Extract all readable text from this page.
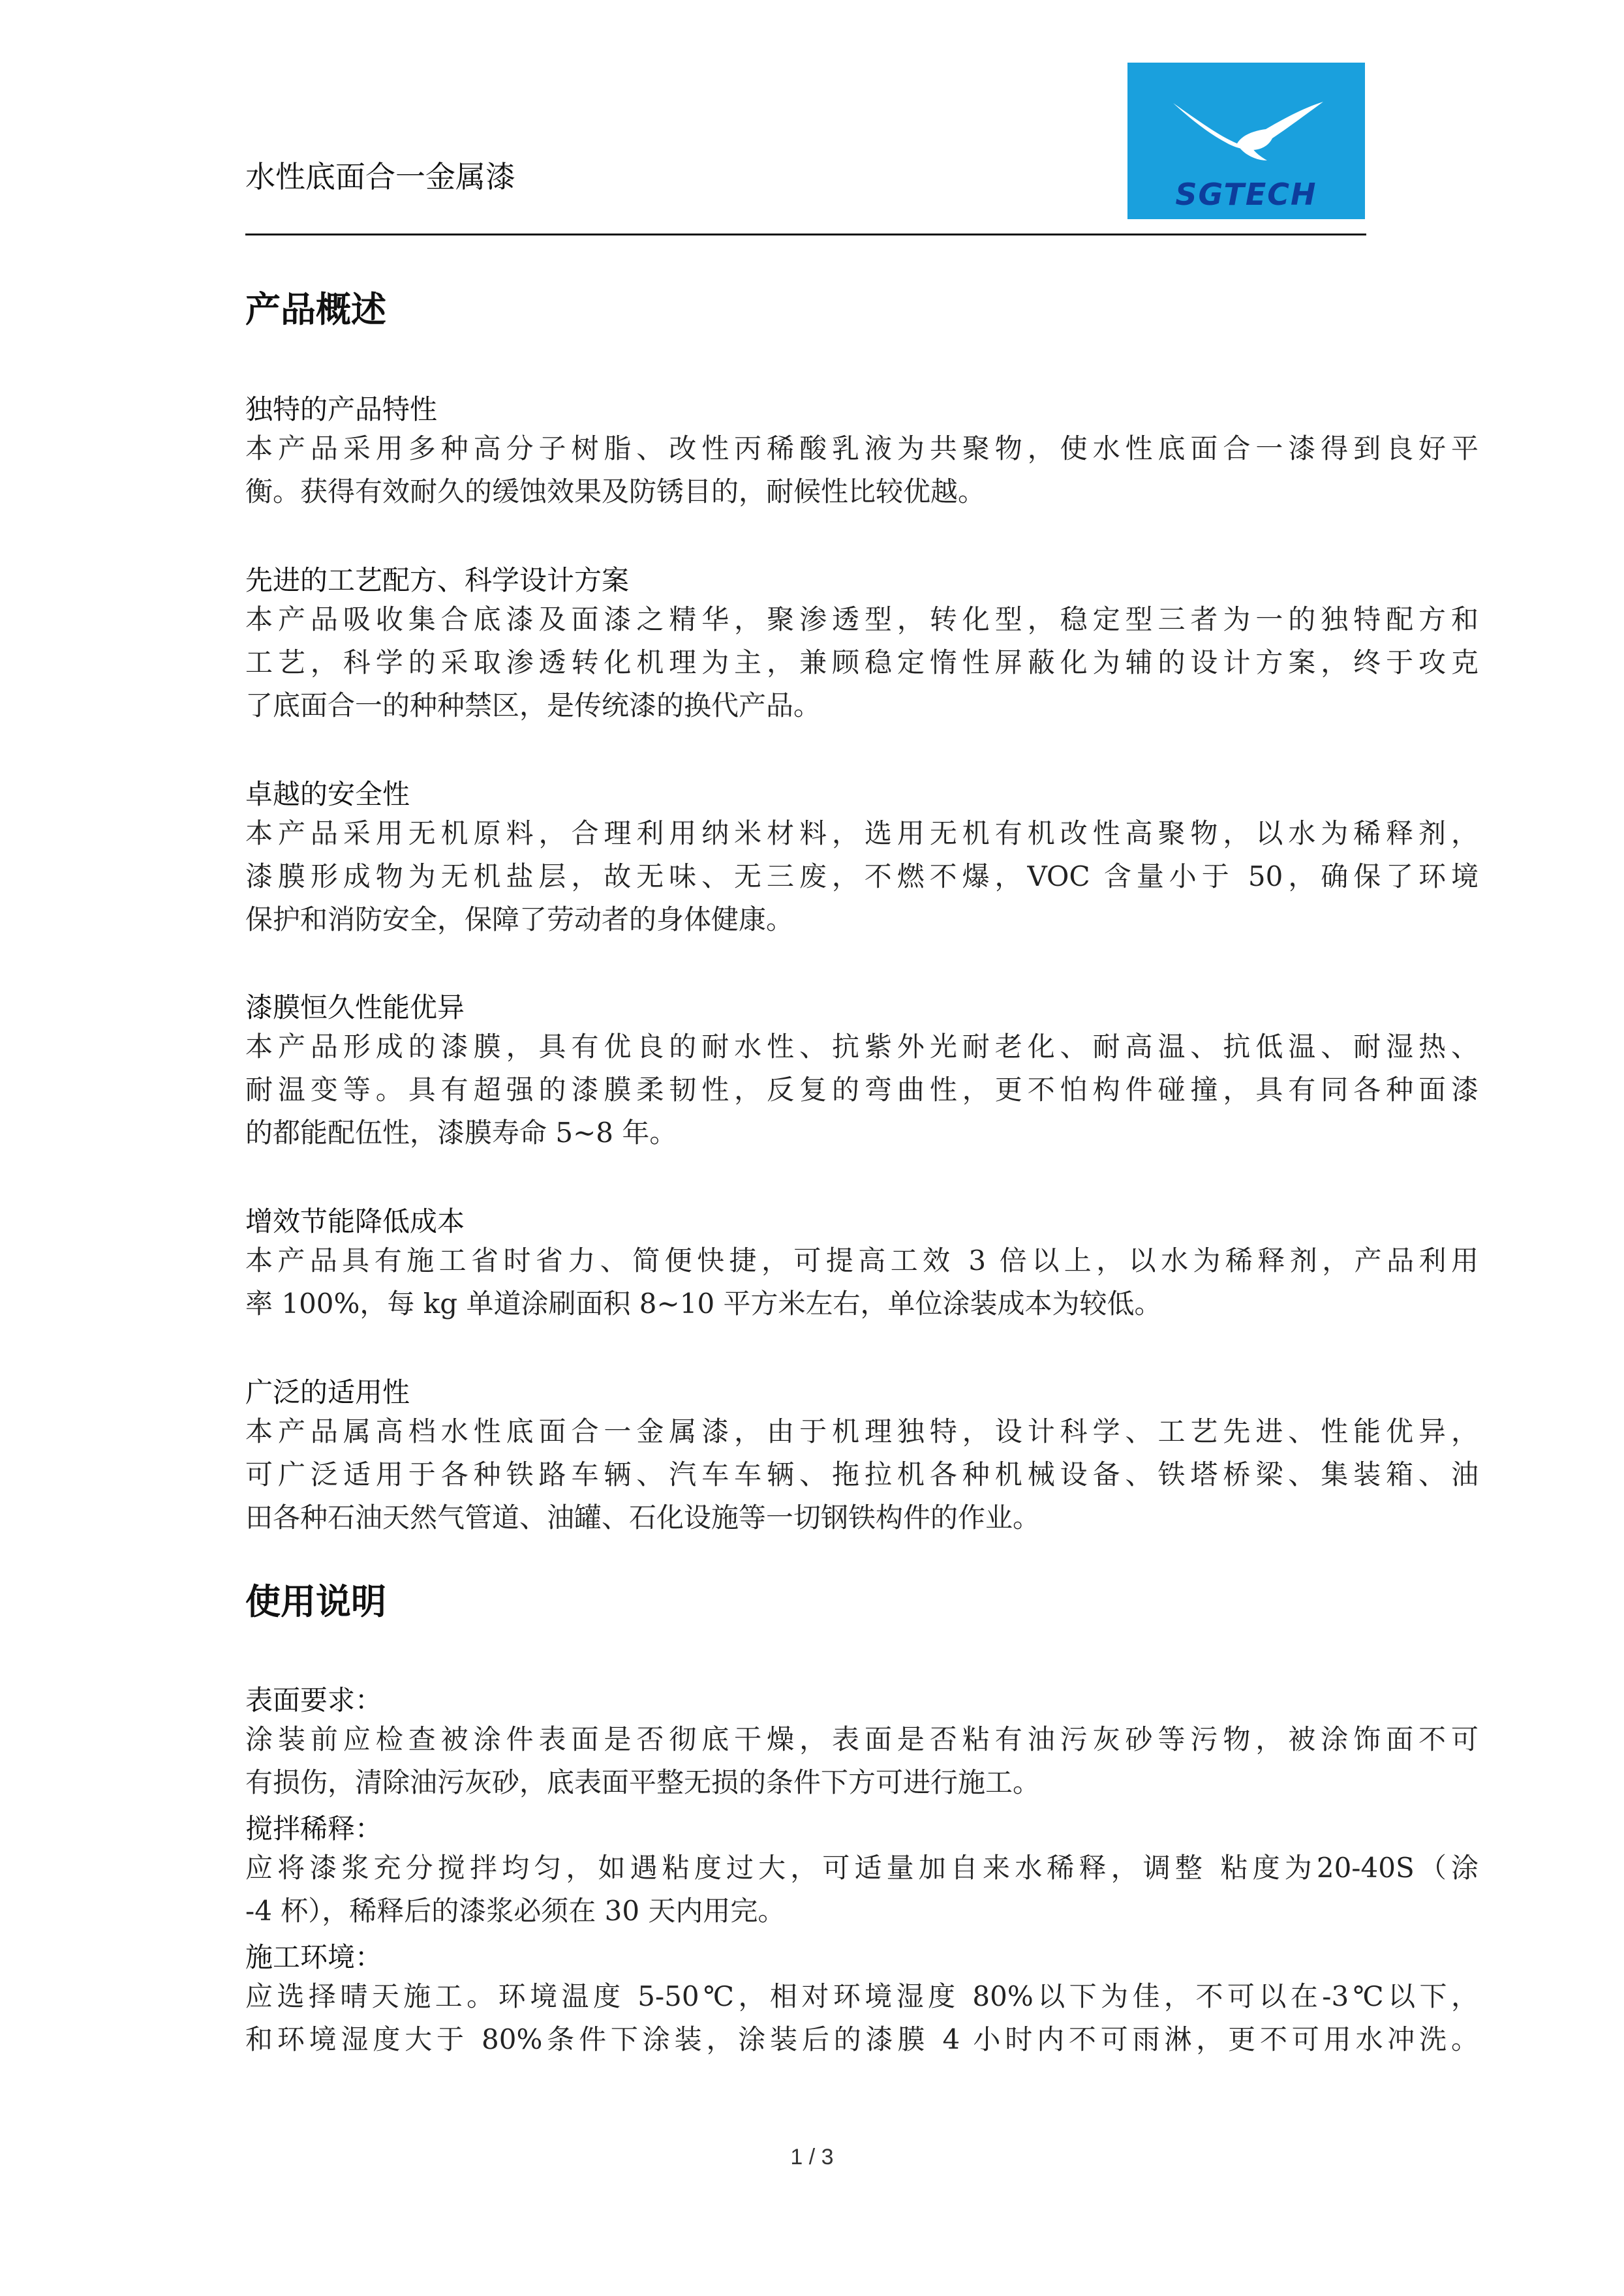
水性底面合一金属漆	SGTECH
产品概述
独特的产品特性
本产品采用多种高分子树脂、改性丙稀酸乳液为共聚物，使水性底面合一漆得到良好平
衡。获得有效耐久的缓蚀效果及防锈目的，耐候性比较优越。
先进的工艺配方、科学设计方案
本产品吸收集合底漆及面漆之精华，聚渗透型，转化型，稳定型三者为一的独特配方和
工艺，科学的采取渗透转化机理为主，兼顾稳定惰性屏蔽化为辅的设计方案，终于攻克
了底面合一的种种禁区，是传统漆的换代产品。
卓越的安全性
本产品采用无机原料，合理利用纳米材料，选用无机有机改性高聚物，以水为稀释剂，
漆膜形成物为无机盐层，故无味、无三废，不燃不爆，VOC 含量小于 50，确保了环境
保护和消防安全，保障了劳动者的身体健康。
漆膜恒久性能优异
本产品形成的漆膜，具有优良的耐水性、抗紫外光耐老化、耐高温、抗低温、耐湿热、
耐温变等。具有超强的漆膜柔韧性，反复的弯曲性，更不怕构件碰撞，具有同各种面漆
的都能配伍性，漆膜寿命 5~8 年。
增效节能降低成本
本产品具有施工省时省力、简便快捷，可提高工效 3 倍以上，以水为稀释剂，产品利用
率 100%，每 kg 单道涂刷面积 8~10 平方米左右，单位涂装成本为较低。
广泛的适用性
本产品属高档水性底面合一金属漆，由于机理独特，设计科学、工艺先进、性能优异，
可广泛适用于各种铁路车辆、汽车车辆、拖拉机各种机械设备、铁塔桥梁、集装箱、油
田各种石油天然气管道、油罐、石化设施等一切钢铁构件的作业。
使用说明
表面要求：
涂装前应检查被涂件表面是否彻底干燥，表面是否粘有油污灰砂等污物，被涂饰面不可
有损伤，清除油污灰砂，底表面平整无损的条件下方可进行施工。
搅拌稀释：
应将漆浆充分搅拌均匀，如遇粘度过大，可适量加自来水稀释，调整 粘度为20-40S（涂
-4 杯），稀释后的漆浆必须在 30 天内用完。
施工环境：
应选择晴天施工。环境温度 5-50℃，相对环境湿度 80%以下为佳，不可以在-3℃以下，
和环境湿度大于 80%条件下涂装，涂装后的漆膜 4 小时内不可雨淋，更不可用水冲洗。
1 / 3
